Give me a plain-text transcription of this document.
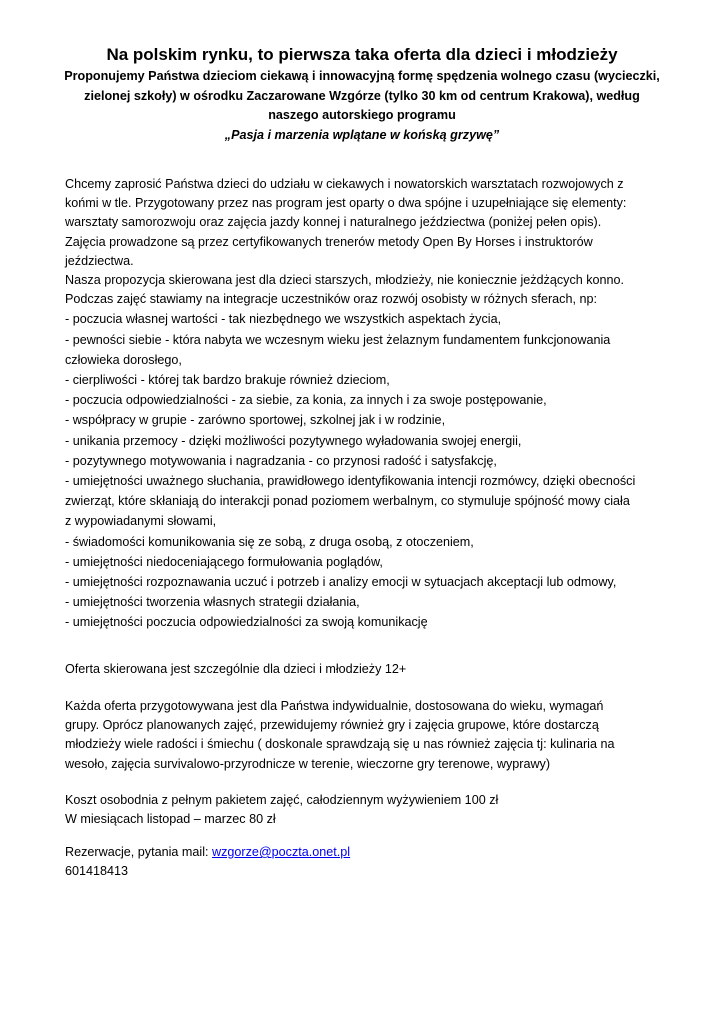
Na polskim rynku, to pierwsza taka oferta dla dzieci i młodzieży
Proponujemy Państwa dzieciom ciekawą i innowacyjną formę spędzenia wolnego czasu (wycieczki,
zielonej szkoły) w ośrodku Zaczarowane Wzgórze (tylko 30 km od centrum Krakowa), według
naszego autorskiego programu
„Pasja i marzenia wplątane w końską grzywę”
Chcemy zaprosić Państwa dzieci do udziału w ciekawych i nowatorskich warsztatach rozwojowych z
końmi w tle. Przygotowany przez nas program jest oparty o dwa spójne i uzupełniające się elementy:
warsztaty samorozwoju oraz zajęcia jazdy konnej i naturalnego jeździectwa (poniżej pełen opis).
Zajęcia prowadzone są przez certyfikowanych trenerów metody Open By Horses i instruktorów
jeździectwa.
Nasza propozycja skierowana jest dla dzieci starszych, młodzieży, nie koniecznie jeżdżących konno.
Podczas zajęć stawiamy na integracje uczestników oraz rozwój osobisty w różnych sferach, np:
- poczucia własnej wartości - tak niezbędnego we wszystkich aspektach życia,
- pewności siebie - która nabyta we wczesnym wieku jest żelaznym fundamentem funkcjonowania
człowieka dorosłego,
- cierpliwości - której tak bardzo brakuje również dzieciom,
- poczucia odpowiedzialności - za siebie, za konia, za innych i za swoje postępowanie,
- współpracy w grupie - zarówno sportowej, szkolnej jak i w rodzinie,
- unikania przemocy - dzięki możliwości pozytywnego wyładowania swojej energii,
- pozytywnego motywowania i nagradzania - co przynosi radość i satysfakcję,
- umiejętności uważnego słuchania, prawidłowego identyfikowania intencji rozmówcy, dzięki obecności
zwierząt, które skłaniają do interakcji ponad poziomem werbalnym, co stymuluje spójność mowy ciała
z wypowiadanymi słowami,
- świadomości komunikowania się ze sobą, z druga osobą, z otoczeniem,
- umiejętności niedoceniającego formułowania poglądów,
- umiejętności rozpoznawania uczuć i potrzeb i analizy emocji w sytuacjach akceptacji lub odmowy,
- umiejętności tworzenia własnych strategii działania,
- umiejętności poczucia odpowiedzialności za swoją komunikację
Oferta skierowana jest szczególnie dla dzieci i młodzieży 12+
Każda oferta przygotowywana jest dla Państwa indywidualnie, dostosowana do wieku, wymagań
grupy. Oprócz planowanych zajęć, przewidujemy również gry i zajęcia grupowe, które dostarczą
młodzieży wiele radości i śmiechu ( doskonale sprawdzają się u nas również zajęcia tj: kulinaria na
wesoło, zajęcia survivalowo-przyrodnicze w terenie, wieczorne gry terenowe, wyprawy)
Koszt osobodnia z pełnym pakietem zajęć, całodziennym wyżywieniem 100 zł
W miesiącach listopad – marzec 80 zł
Rezerwacje, pytania mail: wzgorze@poczta.onet.pl
601418413
